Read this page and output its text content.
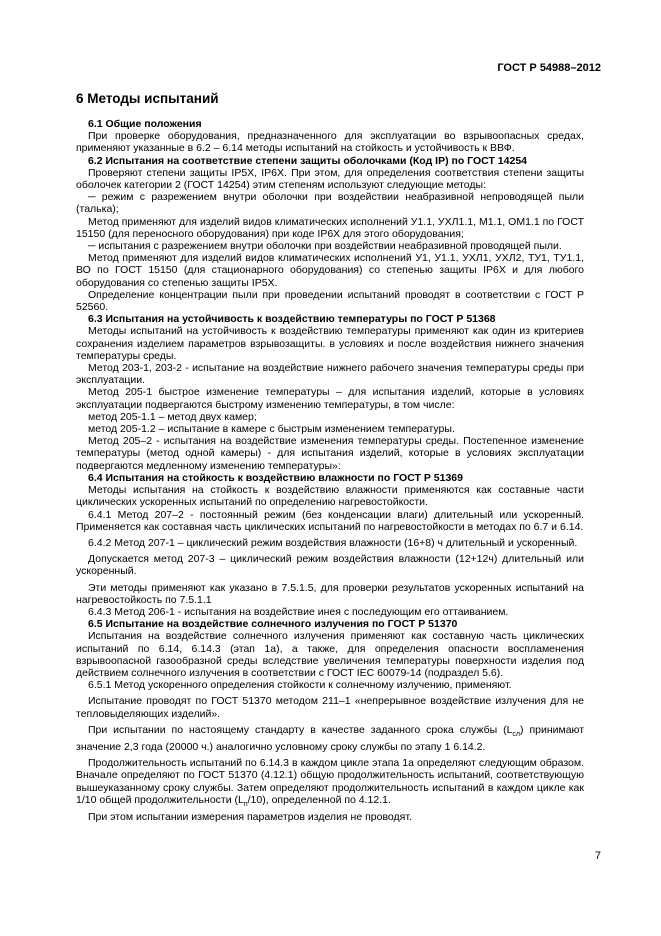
ГОСТ Р 54988–2012
6 Методы испытаний

6.1 Общие положения

При проверке оборудования, предназначенного для эксплуатации во взрывоопасных средах, применяют указанные в 6.2 – 6.14 методы испытаний на стойкость и устойчивость к ВВФ.

6.2 Испытания на соответствие степени защиты оболочками (Код IP) по ГОСТ 14254

Проверяют степени защиты IP5X, IP6X. При этом, для определения соответствия степени защиты оболочек категории 2 (ГОСТ 14254) этим степеням используют следующие методы:

─ режим с разрежением внутри оболочки при воздействии неабразивной непроводящей пыли (талька);

Метод применяют для изделий видов климатических исполнений У1.1, УХЛ1.1, М1.1, ОМ1.1 по ГОСТ 15150 (для переносного оборудования) при коде IP6X для этого оборудования;

─ испытания с разрежением внутри оболочки при воздействии неабразивной проводящей пыли.

Метод применяют для изделий видов климатических исполнений У1, У1.1, УХЛ1, УХЛ2, ТУ1, ТУ1.1, ВО по ГОСТ 15150 (для стационарного оборудования) со степенью защиты IP6X и для любого оборудования со степенью защиты IP5X.

Определение концентрации пыли при проведении испытаний проводят в соответствии с ГОСТ Р 52560.

6.3 Испытания на устойчивость к воздействию температуры по ГОСТ Р 51368

Методы испытаний на устойчивость к воздействию температуры применяют как один из критериев сохранения изделием параметров взрывозащиты. в условиях и после воздействия нижнего значения температуры среды.

Метод 203-1, 203-2 - испытание на воздействие нижнего рабочего значения температуры среды при эксплуатации.

Метод 205-1 быстрое изменение температуры – для испытания изделий, которые в условиях эксплуатации подвергаются быстрому изменению температуры, в том числе:

метод 205-1.1 – метод двух камер;

метод 205-1.2 – испытание в камере с быстрым изменением температуры.

Метод 205–2 - испытания на воздействие изменения температуры среды. Постепенное изменение температуры (метод одной камеры) - для испытания изделий, которые в условиях эксплуатации подвергаются медленному изменению температуры»:

6.4 Испытания на стойкость к воздействию влажности по ГОСТ Р 51369

Методы испытания на стойкость к воздействию влажности применяются как составные части циклических ускоренных испытаний по определению нагревостойкости.

6.4.1 Метод 207–2 - постоянный режим (без конденсации влаги) длительный или ускоренный. Применяется как составная часть циклических испытаний по нагревостойкости в методах по 6.7 и 6.14.

6.4.2 Метод 207-1 – циклический режим воздействия влажности (16+8) ч длительный и ускоренный.

Допускается метод 207-3 – циклический режим воздействия влажности (12+12ч) длительный или ускоренный.

Эти методы применяют как указано в 7.5.1.5, для проверки результатов ускоренных испытаний на нагревостойкость по 7.5.1.1

6.4.3 Метод 206-1 - испытания на воздействие инея с последующим его оттаиванием.

6.5 Испытание на воздействие солнечного излучения по ГОСТ Р 51370

Испытания на воздействие солнечного излучения применяют как составную часть циклических испытаний по 6.14, 6.14.3 (этап 1а), а также, для определения опасности воспламенения взрывоопасной газообразной среды вследствие увеличения температуры поверхности изделия под действием солнечного излучения в соответствии с ГОСТ IEC 60079-14 (подраздел 5.6).

6.5.1 Метод ускоренного определения стойкости к солнечному излучению, применяют.

Испытание проводят по ГОСТ 51370 методом 211–1 «непрерывное воздействие излучения для не тепловыделяющих изделий».

При испытании по настоящему стандарту в качестве заданного срока службы $(L_{сл})$ принимают значение 2,3 года (20000 ч.) аналогично условному сроку службы по этапу 1 6.14.2.

Продолжительность испытаний по 6.14.3 в каждом цикле этапа 1а определяют следующим образом. Вначале определяют по ГОСТ 51370 (4.12.1) общую продолжительность испытаний, соответствующую вышеуказанному сроку службы. Затем определяют продолжительность испытаний в каждом цикле как 1/10 общей продолжительности $(L_п/10)$, определенной по 4.12.1.

При этом испытании измерения параметров изделия не проводят.

7
